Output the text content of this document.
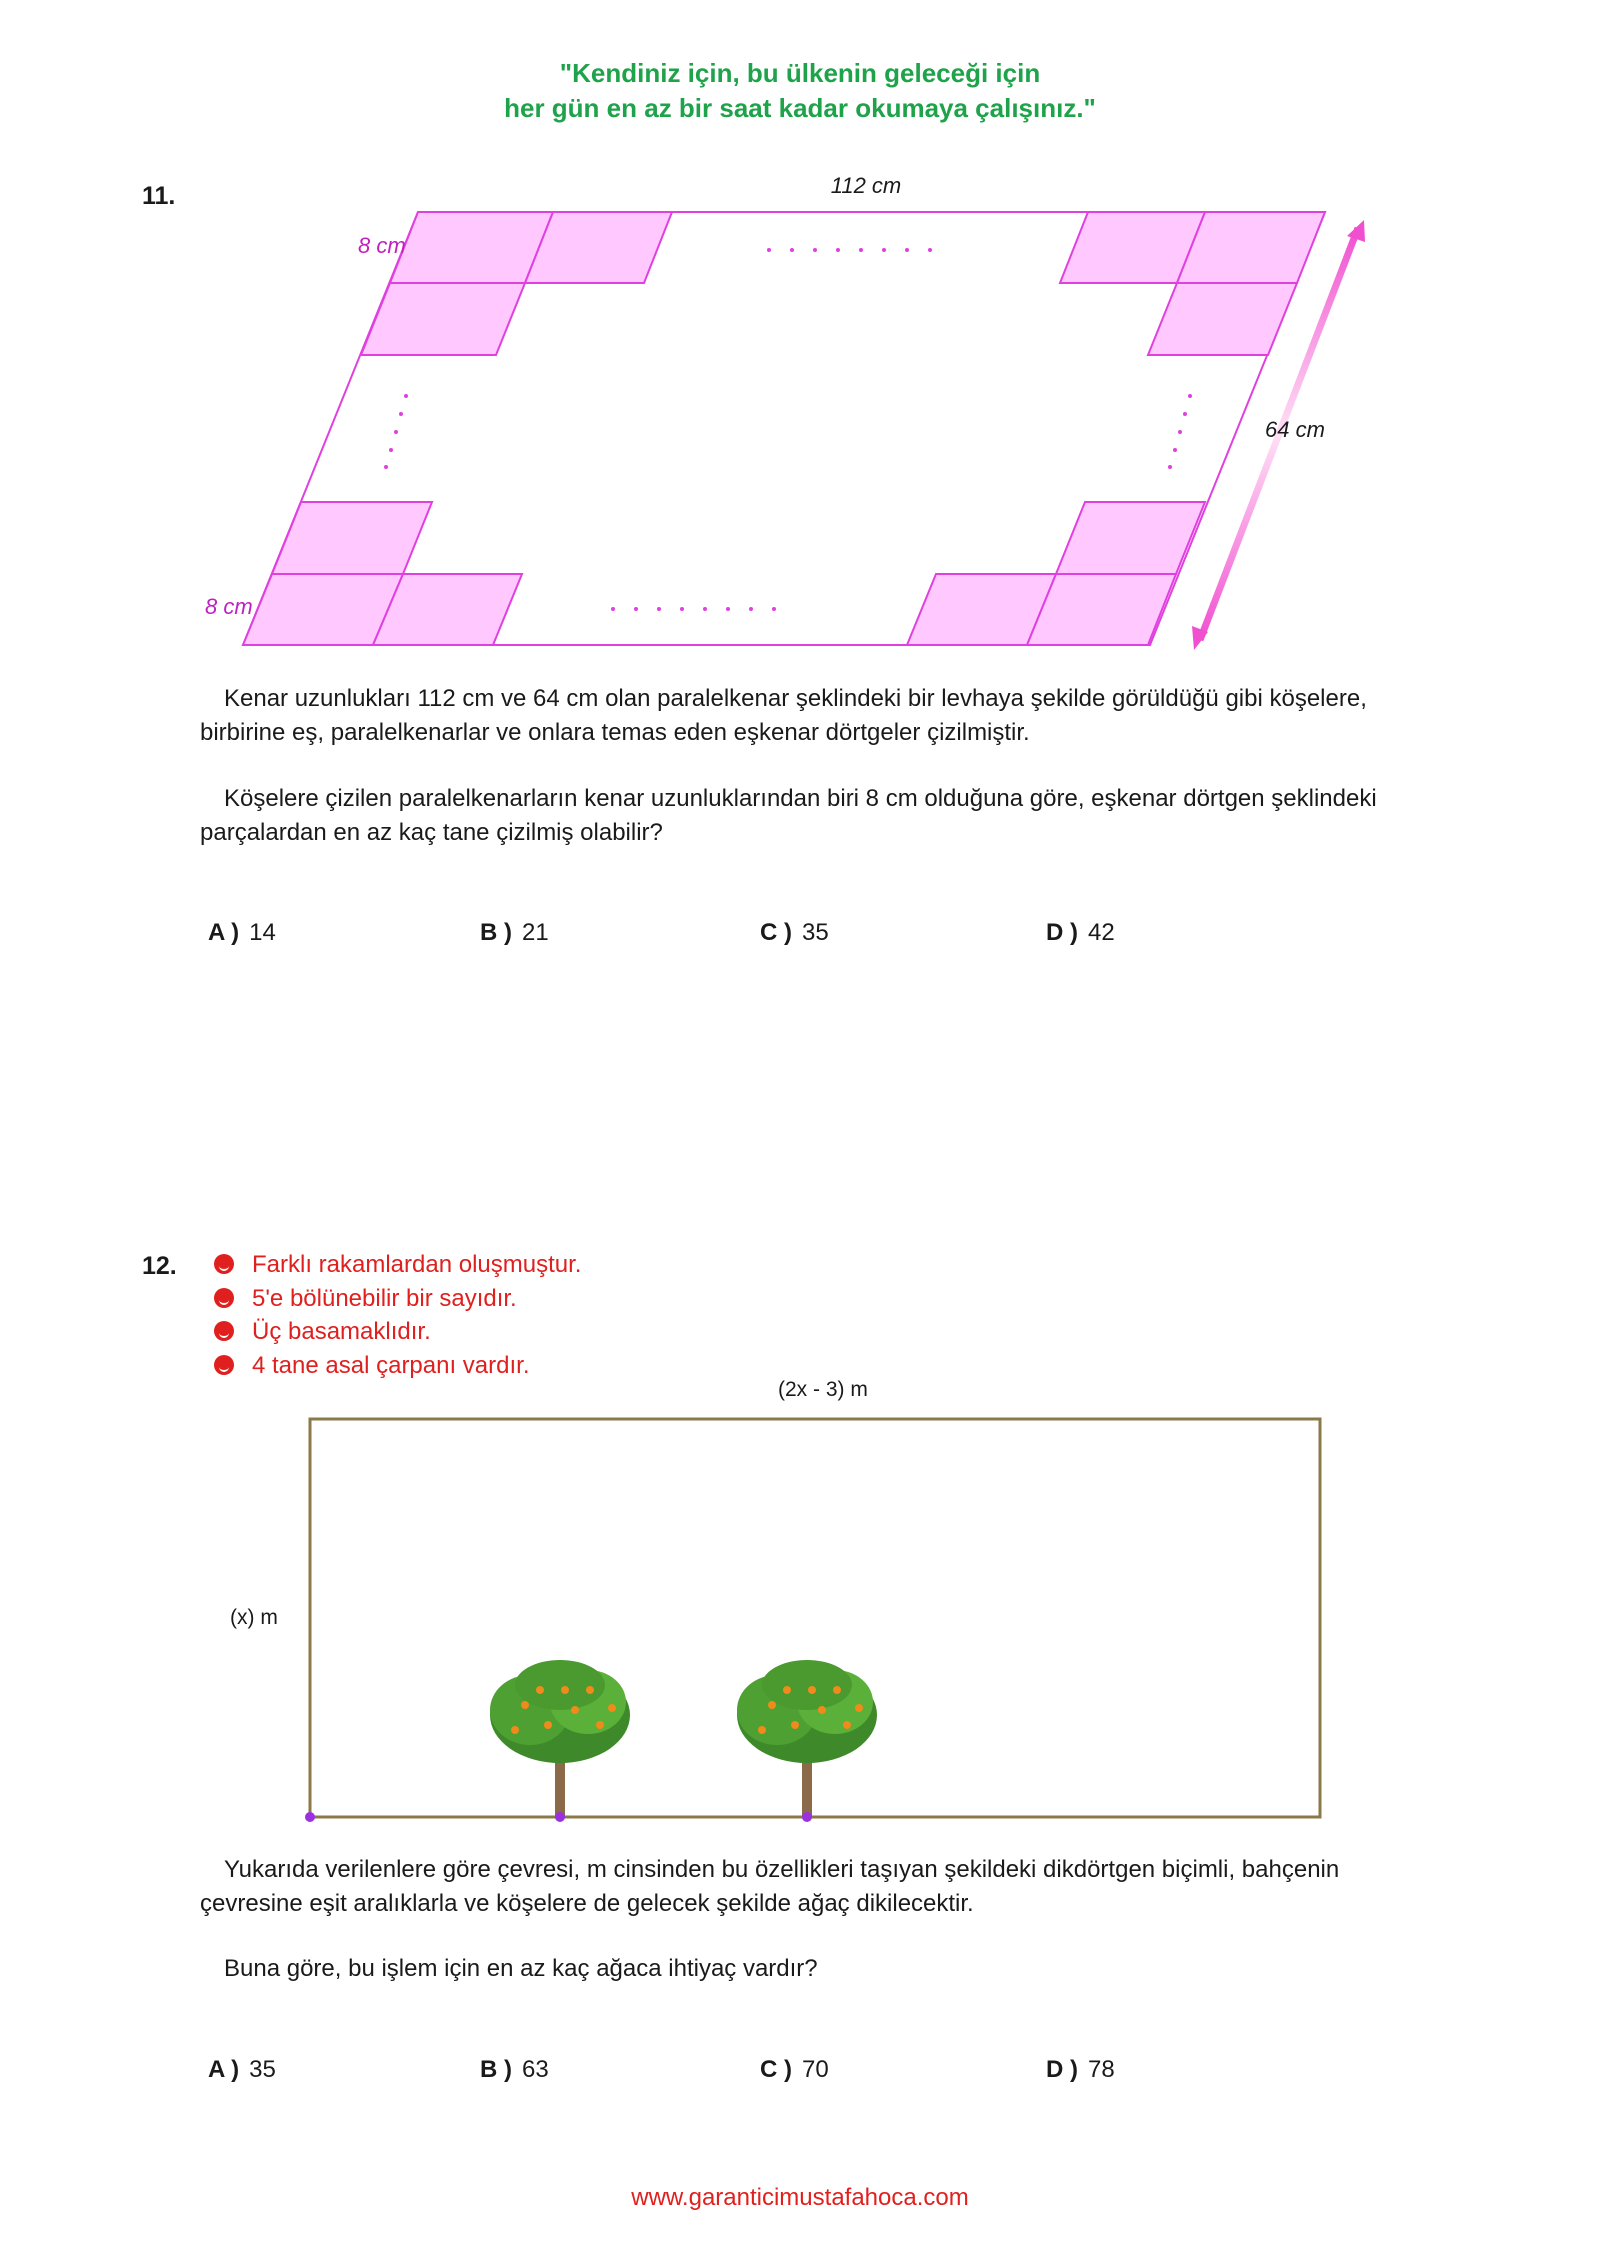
"Kendiniz için, bu ülkenin geleceği için
her gün en az bir saat kadar okumaya çalışınız."
11.	112 cm
64 cm
8 cm
8 cm
Kenar uzunlukları 112 cm ve 64 cm olan paralelkenar şeklindeki bir levhaya şekilde görüldüğü gibi köşelere, birbirine eş, paralelkenarlar ve onlara temas eden eşkenar dörtgeler çizilmiştir.
Köşelere çizilen paralelkenarların kenar uzunluklarından biri 8 cm olduğuna göre, eşkenar dörtgen şeklindeki parçalardan en az kaç tane çizilmiş olabilir?
A ) 14	B ) 21	C ) 35	D ) 42
12.	Farklı rakamlardan oluşmuştur.
5'e bölünebilir bir sayıdır.
Üç basamaklıdır.
4 tane asal çarpanı vardır.
(2x - 3) m
(x) m
Yukarıda verilenlere göre çevresi, m cinsinden bu özellikleri taşıyan şekildeki dikdörtgen biçimli, bahçenin çevresine eşit aralıklarla ve köşelere de gelecek şekilde ağaç dikilecektir.
Buna göre, bu işlem için en az kaç ağaca ihtiyaç vardır?
A ) 35	B ) 63	C ) 70	D ) 78
www.garanticimustafahoca.com
